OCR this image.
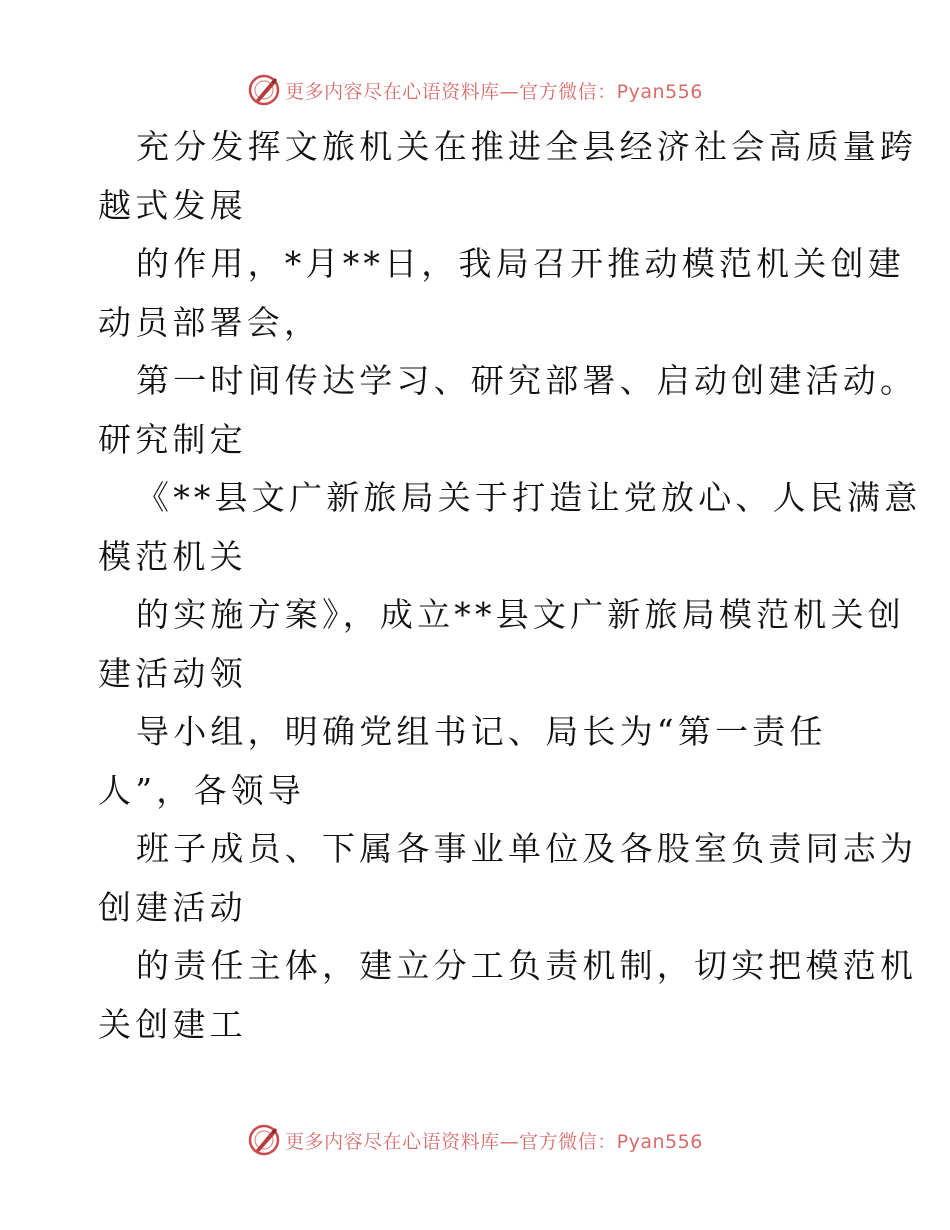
更多内容尽在心语资料库—官方微信：Pyan556
充分发挥文旅机关在推进全县经济社会高质量跨
越式发展
的作用，*月**日，我局召开推动模范机关创建
动员部署会，
第一时间传达学习、研究部署、启动创建活动。
研究制定
《**县文广新旅局关于打造让党放心、人民满意
模范机关
的实施方案》，成立**县文广新旅局模范机关创
建活动领
导小组，明确党组书记、局长为“第一责任
人”，各领导
班子成员、下属各事业单位及各股室负责同志为
创建活动
的责任主体，建立分工负责机制，切实把模范机
关创建工
更多内容尽在心语资料库—官方微信：Pyan556
